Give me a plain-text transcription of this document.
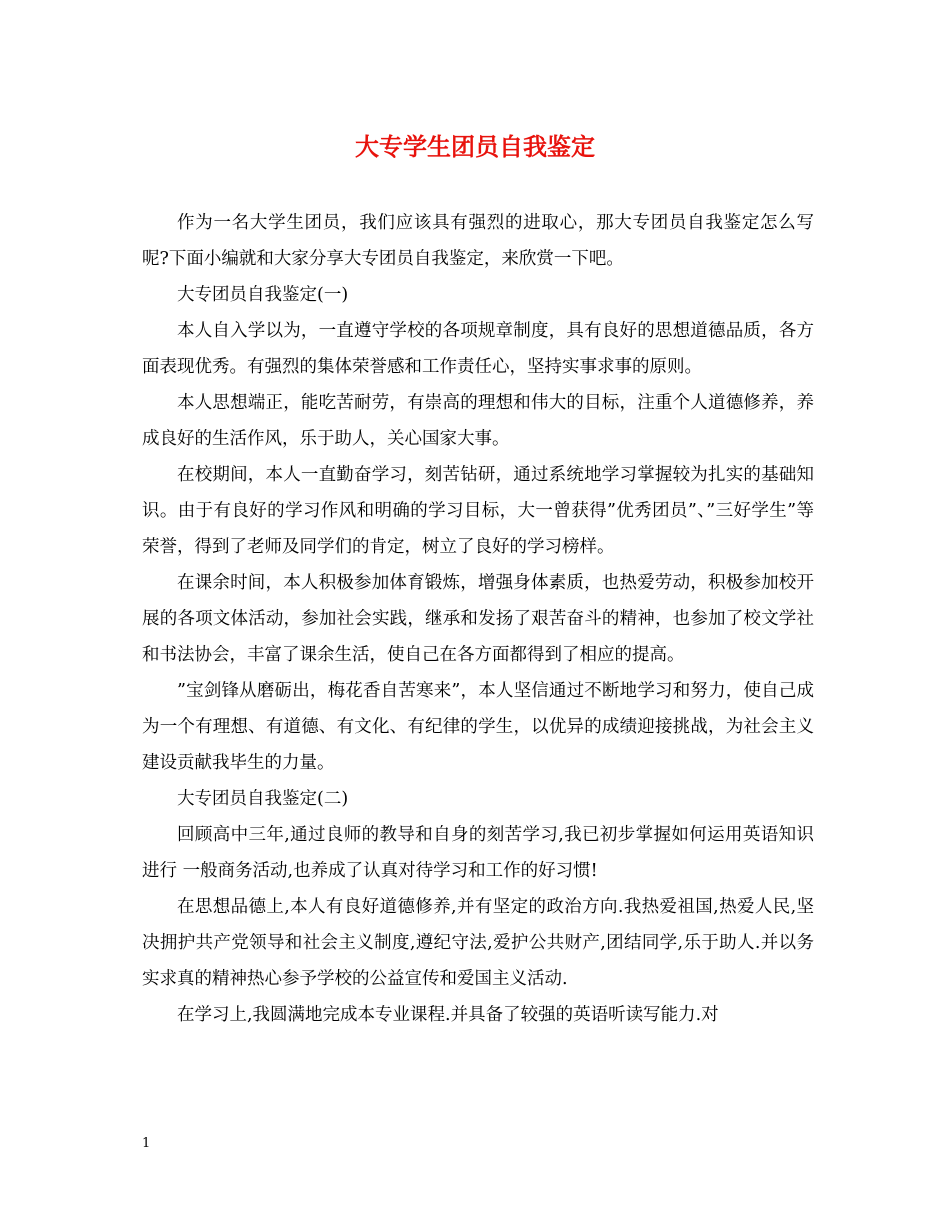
大专学生团员自我鉴定

作为一名大学生团员，我们应该具有强烈的进取心，那大专团员自我鉴定怎么写呢?下面小编就和大家分享大专团员自我鉴定，来欣赏一下吧。

大专团员自我鉴定(一)

本人自入学以为，一直遵守学校的各项规章制度，具有良好的思想道德品质，各方面表现优秀。有强烈的集体荣誉感和工作责任心，坚持实事求事的原则。

本人思想端正，能吃苦耐劳，有崇高的理想和伟大的目标，注重个人道德修养，养成良好的生活作风，乐于助人，关心国家大事。

在校期间，本人一直勤奋学习，刻苦钻研，通过系统地学习掌握较为扎实的基础知识。由于有良好的学习作风和明确的学习目标，大一曾获得”优秀团员”、”三好学生”等荣誉，得到了老师及同学们的肯定，树立了良好的学习榜样。

在课余时间，本人积极参加体育锻炼，增强身体素质，也热爱劳动，积极参加校开展的各项文体活动，参加社会实践，继承和发扬了艰苦奋斗的精神，也参加了校文学社和书法协会，丰富了课余生活，使自己在各方面都得到了相应的提高。

”宝剑锋从磨砺出，梅花香自苦寒来”，本人坚信通过不断地学习和努力，使自己成为一个有理想、有道德、有文化、有纪律的学生，以优异的成绩迎接挑战，为社会主义建设贡献我毕生的力量。

大专团员自我鉴定(二)

回顾高中三年,通过良师的教导和自身的刻苦学习,我已初步掌握如何运用英语知识进行 一般商务活动,也养成了认真对待学习和工作的好习惯!

在思想品德上,本人有良好道德修养,并有坚定的政治方向.我热爱祖国,热爱人民,坚决拥护共产党领导和社会主义制度,遵纪守法,爱护公共财产,团结同学,乐于助人.并以务实求真的精神热心参予学校的公益宣传和爱国主义活动.

在学习上,我圆满地完成本专业课程.并具备了较强的英语听读写能力.对

1
